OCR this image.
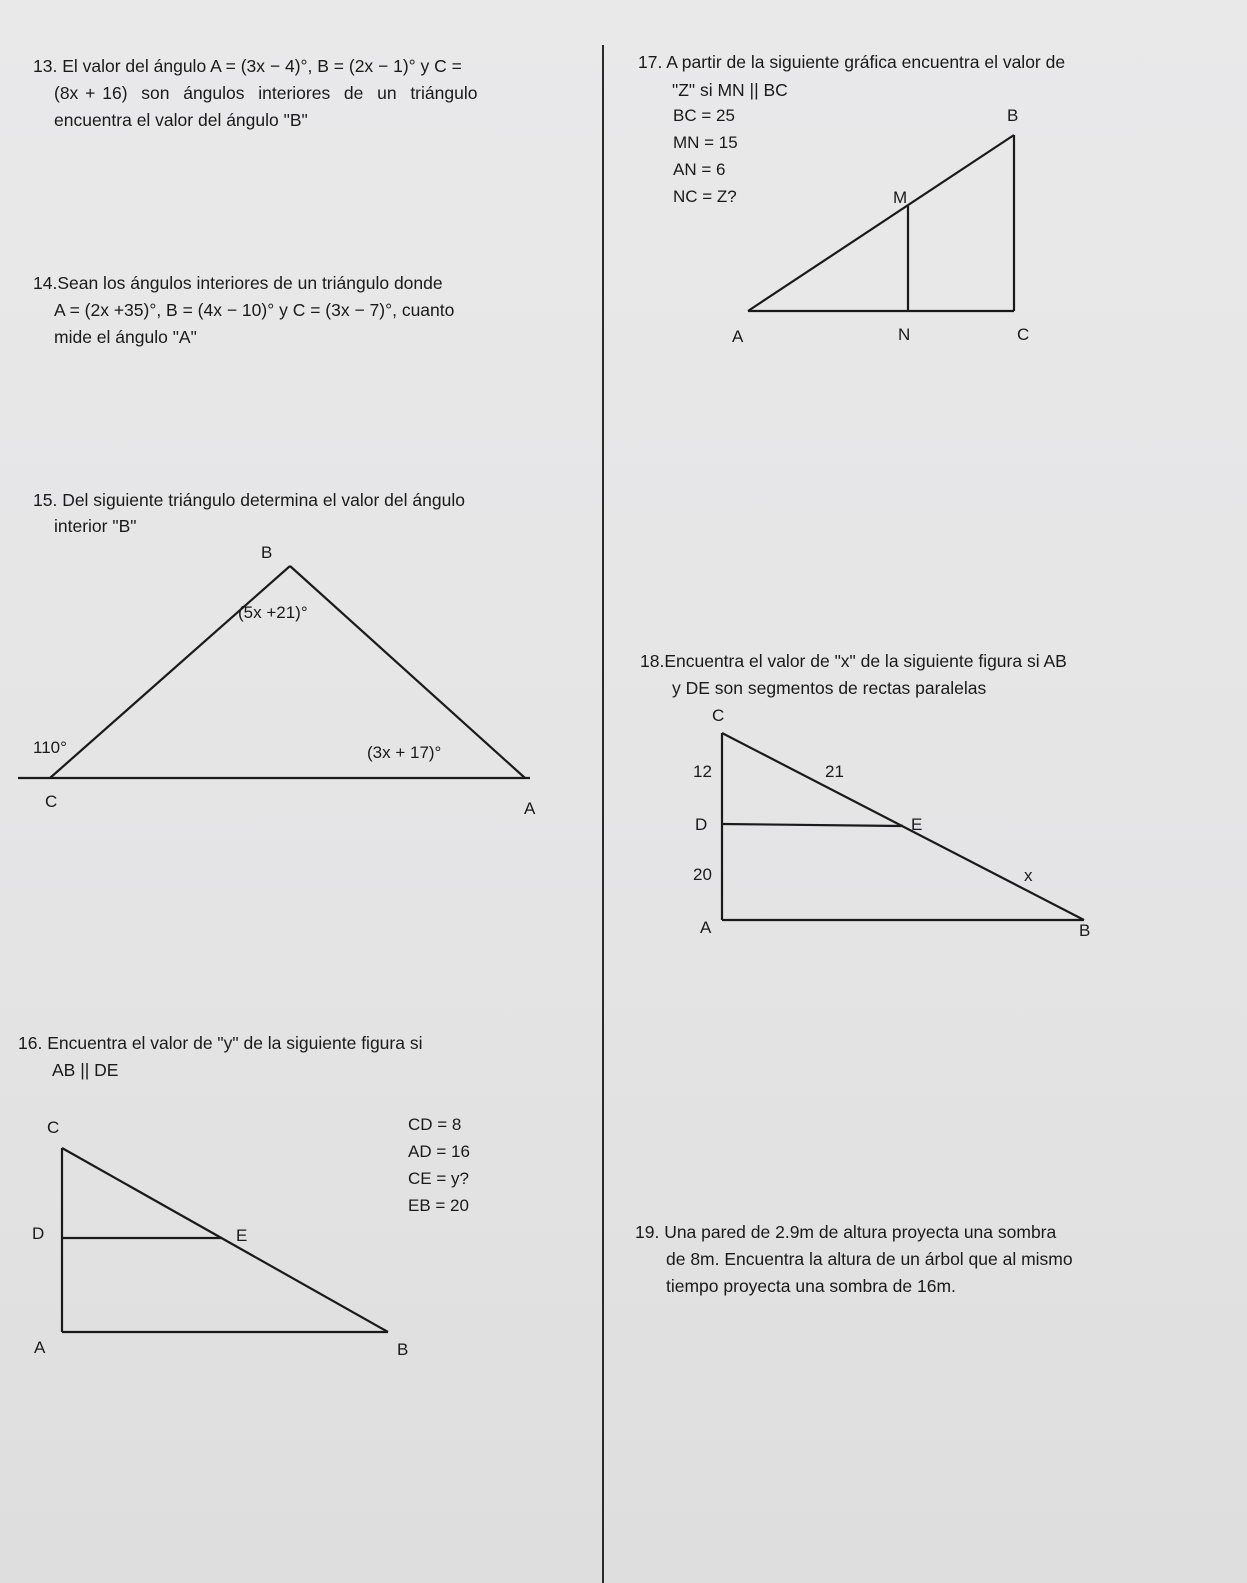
13. El valor del ángulo A = (3x − 4)°, B = (2x − 1)° y C =
(8x + 16)  son  ángulos  interiores  de  un  triángulo
encuentra el valor del ángulo "B"
14.Sean los ángulos interiores de un triángulo donde
A = (2x +35)°, B = (4x − 10)° y C = (3x − 7)°, cuanto
mide el ángulo "A"
15. Del siguiente triángulo determina el valor del ángulo
interior "B"
B
(5x +21)°
110°	(3x + 17)°
C	A
16. Encuentra el valor de "y" de la siguiente figura si
AB || DE
C
D	E
A	B
CD = 8
AD = 16
CE = y?
EB = 20
17. A partir de la siguiente gráfica encuentra el valor de
"Z" si MN || BC
BC = 25
MN = 15
AN = 6
NC = Z?
B
M
A	N	C
18.Encuentra el valor de "x" de la siguiente figura si AB
y DE son segmentos de rectas paralelas
C
12	21
D	E
20	x
A	B
19. Una pared de 2.9m de altura proyecta una sombra
de 8m. Encuentra la altura de un árbol que al mismo
tiempo proyecta una sombra de 16m.
